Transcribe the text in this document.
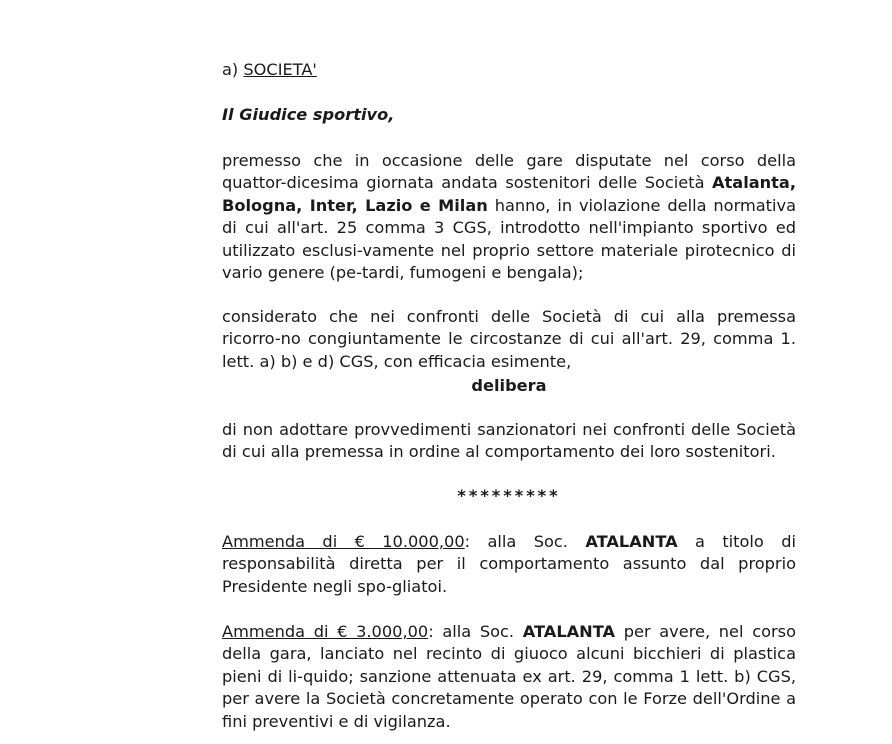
a) SOCIETA'
Il Giudice sportivo,

premesso che in occasione delle gare disputate nel corso della quattor-dicesima giornata andata sostenitori delle Società Atalanta, Bologna, Inter, Lazio e Milan hanno, in violazione della normativa di cui all'art. 25 comma 3 CGS, introdotto nell'impianto sportivo ed utilizzato esclusi-vamente nel proprio settore materiale pirotecnico di vario genere (pe-tardi, fumogeni e bengala);

considerato che nei confronti delle Società di cui alla premessa ricorro-no congiuntamente le circostanze di cui all'art. 29, comma 1. lett. a) b) e d) CGS, con efficacia esimente,

delibera

di non adottare provvedimenti sanzionatori nei confronti delle Società di cui alla premessa in ordine al comportamento dei loro sostenitori.

*********

Ammenda di € 10.000,00: alla Soc. ATALANTA a titolo di responsabilità diretta per il comportamento assunto dal proprio Presidente negli spo-gliatoi.

Ammenda di € 3.000,00: alla Soc. ATALANTA per avere, nel corso della gara, lanciato nel recinto di giuoco alcuni bicchieri di plastica pieni di li-quido; sanzione attenuata ex art. 29, comma 1 lett. b) CGS, per avere la Società concretamente operato con le Forze dell'Ordine a fini preventivi e di vigilanza.
